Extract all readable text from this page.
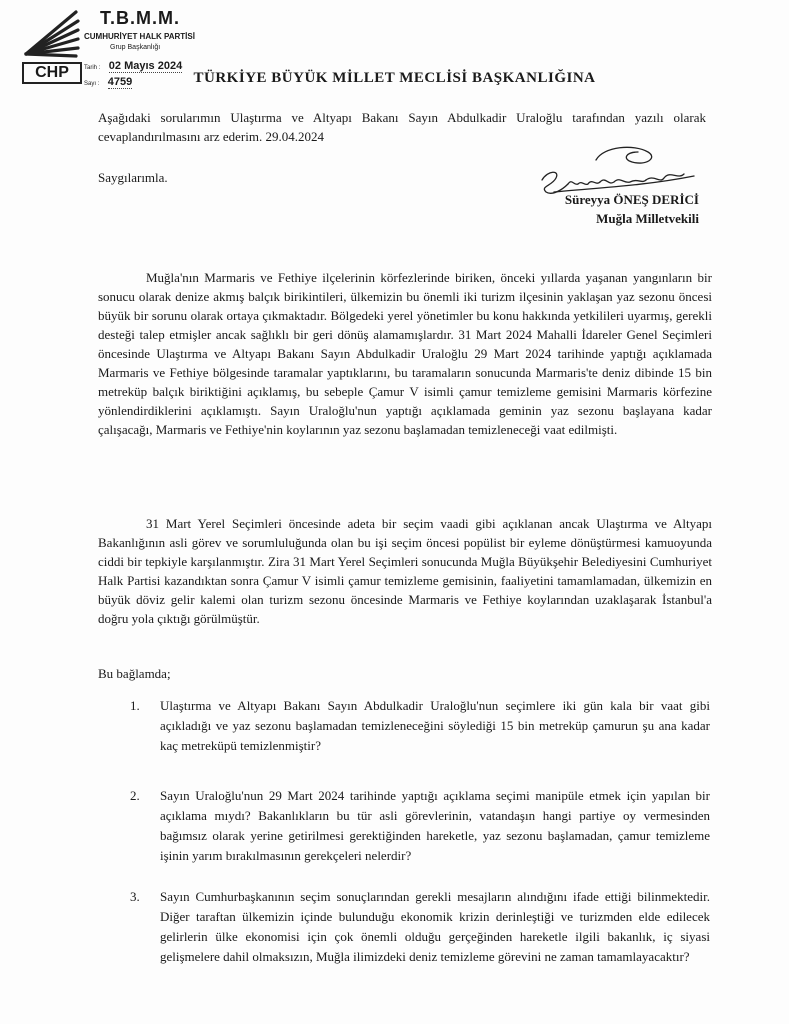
CHP
T.B.M.M.
CUMHURİYET HALK PARTİSİ
Grup Başkanlığı
Tarih : 02 Mayıs 2024
Sayı : 4759	TÜRKİYE BÜYÜK MİLLET MECLİSİ BAŞKANLIĞINA
Aşağıdaki sorularımın Ulaştırma ve Altyapı Bakanı Sayın Abdulkadir Uraloğlu tarafından yazılı olarak cevaplandırılmasını arz ederim. 29.04.2024
Saygılarımla.
Süreyya ÖNEŞ DERİCİ
Muğla Milletvekili
Muğla'nın Marmaris ve Fethiye ilçelerinin körfezlerinde biriken, önceki yıllarda yaşanan yangınların bir sonucu olarak denize akmış balçık birikintileri, ülkemizin bu önemli iki turizm ilçesinin yaklaşan yaz sezonu öncesi büyük bir sorunu olarak ortaya çıkmaktadır. Bölgedeki yerel yönetimler bu konu hakkında yetkilileri uyarmış, gerekli desteği talep etmişler ancak sağlıklı bir geri dönüş alamamışlardır. 31 Mart 2024 Mahalli İdareler Genel Seçimleri öncesinde Ulaştırma ve Altyapı Bakanı Sayın Abdulkadir Uraloğlu 29 Mart 2024 tarihinde yaptığı açıklamada Marmaris ve Fethiye bölgesinde taramalar yaptıklarını, bu taramaların sonucunda Marmaris'te deniz dibinde 15 bin metreküp balçık biriktiğini açıklamış, bu sebeple Çamur V isimli çamur temizleme gemisini Marmaris körfezine yönlendirdiklerini açıklamıştı. Sayın Uraloğlu'nun yaptığı açıklamada geminin yaz sezonu başlayana kadar çalışacağı, Marmaris ve Fethiye'nin koylarının yaz sezonu başlamadan temizleneceği vaat edilmişti.
31 Mart Yerel Seçimleri öncesinde adeta bir seçim vaadi gibi açıklanan ancak Ulaştırma ve Altyapı Bakanlığının asli görev ve sorumluluğunda olan bu işi seçim öncesi popülist bir eyleme dönüştürmesi kamuoyunda ciddi bir tepkiyle karşılanmıştır. Zira 31 Mart Yerel Seçimleri sonucunda Muğla Büyükşehir Belediyesini Cumhuriyet Halk Partisi kazandıktan sonra Çamur V isimli çamur temizleme gemisinin, faaliyetini tamamlamadan, ülkemizin en büyük döviz gelir kalemi olan turizm sezonu öncesinde Marmaris ve Fethiye koylarından uzaklaşarak İstanbul'a doğru yola çıktığı görülmüştür.
Bu bağlamda;
1. Ulaştırma ve Altyapı Bakanı Sayın Abdulkadir Uraloğlu'nun seçimlere iki gün kala bir vaat gibi açıkladığı ve yaz sezonu başlamadan temizleneceğini söylediği 15 bin metreküp çamurun şu ana kadar kaç metreküpü temizlenmiştir?
2. Sayın Uraloğlu'nun 29 Mart 2024 tarihinde yaptığı açıklama seçimi manipüle etmek için yapılan bir açıklama mıydı? Bakanlıkların bu tür asli görevlerinin, vatandaşın hangi partiye oy vermesinden bağımsız olarak yerine getirilmesi gerektiğinden hareketle, yaz sezonu başlamadan, çamur temizleme işinin yarım bırakılmasının gerekçeleri nelerdir?
3. Sayın Cumhurbaşkanının seçim sonuçlarından gerekli mesajların alındığını ifade ettiği bilinmektedir. Diğer taraftan ülkemizin içinde bulunduğu ekonomik krizin derinleştiği ve turizmden elde edilecek gelirlerin ülke ekonomisi için çok önemli olduğu gerçeğinden hareketle ilgili bakanlık, iç siyasi gelişmelere dahil olmaksızın, Muğla ilimizdeki deniz temizleme görevini ne zaman tamamlayacaktır?
